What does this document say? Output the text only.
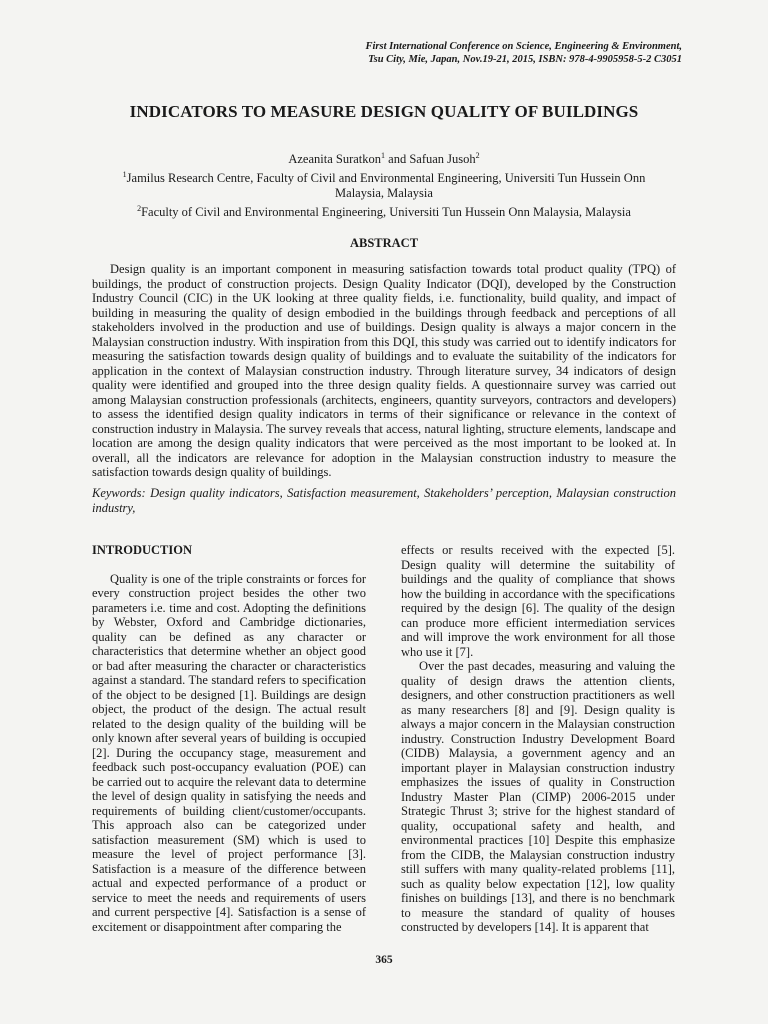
First International Conference on Science, Engineering & Environment,
Tsu City, Mie, Japan, Nov.19-21, 2015, ISBN: 978-4-9905958-5-2 C3051
INDICATORS TO MEASURE DESIGN QUALITY OF BUILDINGS
Azeanita Suratkon$^1$ and Safuan Jusoh$^2$
$^1$Jamilus Research Centre, Faculty of Civil and Environmental Engineering, Universiti Tun Hussein Onn Malaysia, Malaysia
$^2$Faculty of Civil and Environmental Engineering, Universiti Tun Hussein Onn Malaysia, Malaysia
ABSTRACT

Design quality is an important component in measuring satisfaction towards total product quality (TPQ) of buildings, the product of construction projects. Design Quality Indicator (DQI), developed by the Construction Industry Council (CIC) in the UK looking at three quality fields, i.e. functionality, build quality, and impact of building in measuring the quality of design embodied in the buildings through feedback and perceptions of all stakeholders involved in the production and use of buildings. Design quality is always a major concern in the Malaysian construction industry. With inspiration from this DQI, this study was carried out to identify indicators for measuring the satisfaction towards design quality of buildings and to evaluate the suitability of the indicators for application in the context of Malaysian construction industry. Through literature survey, 34 indicators of design quality were identified and grouped into the three design quality fields. A questionnaire survey was carried out among Malaysian construction professionals (architects, engineers, quantity surveyors, contractors and developers) to assess the identified design quality indicators in terms of their significance or relevance in the context of construction industry in Malaysia. The survey reveals that access, natural lighting, structure elements, landscape and location are among the design quality indicators that were perceived as the most important to be looked at. In overall, all the indicators are relevance for adoption in the Malaysian construction industry to measure the satisfaction towards design quality of buildings.

Keywords: Design quality indicators, Satisfaction measurement, Stakeholders’ perception, Malaysian construction industry,

INTRODUCTION

Quality is one of the triple constraints or forces for every construction project besides the other two parameters i.e. time and cost. Adopting the definitions by Webster, Oxford and Cambridge dictionaries, quality can be defined as any character or characteristics that determine whether an object good or bad after measuring the character or characteristics against a standard. The standard refers to specification of the object to be designed [1]. Buildings are design object, the product of the design. The actual result related to the design quality of the building will be only known after several years of building is occupied [2]. During the occupancy stage, measurement and feedback such post-occupancy evaluation (POE) can be carried out to acquire the relevant data to determine the level of design quality in satisfying the needs and requirements of building client/customer/occupants. This approach also can be categorized under satisfaction measurement (SM) which is used to measure the level of project performance [3]. Satisfaction is a measure of the difference between actual and expected performance of a product or service to meet the needs and requirements of users and current perspective [4]. Satisfaction is a sense of excitement or disappointment after comparing the

effects or results received with the expected [5]. Design quality will determine the suitability of buildings and the quality of compliance that shows how the building in accordance with the specifications required by the design [6]. The quality of the design can produce more efficient intermediation services and will improve the work environment for all those who use it [7].

Over the past decades, measuring and valuing the quality of design draws the attention clients, designers, and other construction practitioners as well as many researchers [8] and [9]. Design quality is always a major concern in the Malaysian construction industry. Construction Industry Development Board (CIDB) Malaysia, a government agency and an important player in Malaysian construction industry emphasizes the issues of quality in Construction Industry Master Plan (CIMP) 2006-2015 under Strategic Thrust 3; strive for the highest standard of quality, occupational safety and health, and environmental practices [10] Despite this emphasize from the CIDB, the Malaysian construction industry still suffers with many quality-related problems [11], such as quality below expectation [12], low quality finishes on buildings [13], and there is no benchmark to measure the standard of quality of houses constructed by developers [14]. It is apparent that

365
